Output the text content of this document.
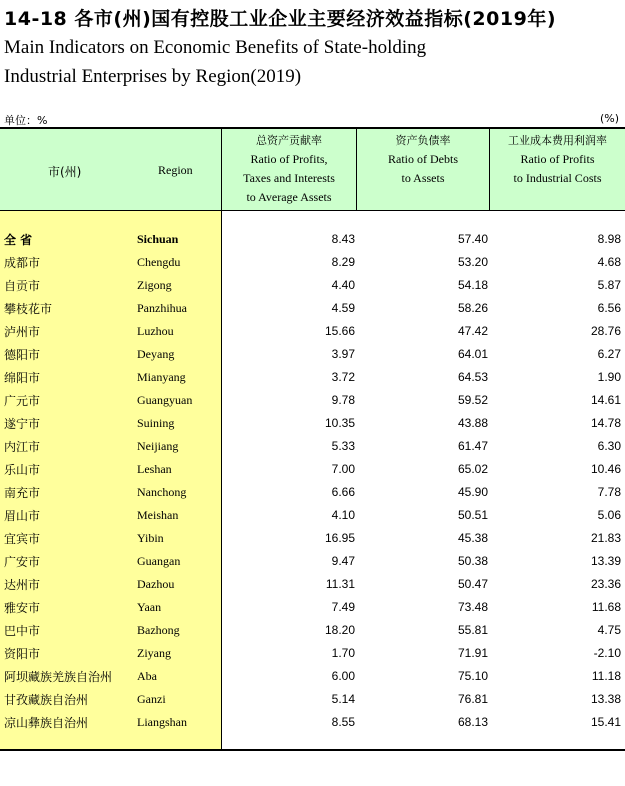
14-18 各市(州)国有控股工业企业主要经济效益指标(2019年)
Main Indicators on Economic Benefits of State-holding
Industrial Enterprises by Region(2019)
单位：%	(%)
市(州)	Region
总资产贡献率
Ratio of Profits,
Taxes and Interests
to Average Assets
资产负债率
Ratio of Debts
to Assets
工业成本费用利润率
Ratio of Profits
to Industrial Costs
全 省	Sichuan	8.43	57.40	8.98
成都市	Chengdu	8.29	53.20	4.68
自贡市	Zigong	4.40	54.18	5.87
攀枝花市	Panzhihua	4.59	58.26	6.56
泸州市	Luzhou	15.66	47.42	28.76
德阳市	Deyang	3.97	64.01	6.27
绵阳市	Mianyang	3.72	64.53	1.90
广元市	Guangyuan	9.78	59.52	14.61
遂宁市	Suining	10.35	43.88	14.78
内江市	Neijiang	5.33	61.47	6.30
乐山市	Leshan	7.00	65.02	10.46
南充市	Nanchong	6.66	45.90	7.78
眉山市	Meishan	4.10	50.51	5.06
宜宾市	Yibin	16.95	45.38	21.83
广安市	Guangan	9.47	50.38	13.39
达州市	Dazhou	11.31	50.47	23.36
雅安市	Yaan	7.49	73.48	11.68
巴中市	Bazhong	18.20	55.81	4.75
资阳市	Ziyang	1.70	71.91	-2.10
阿坝藏族羌族自治州 Aba	6.00	75.10	11.18
甘孜藏族自治州	Ganzi	5.14	76.81	13.38
凉山彝族自治州	Liangshan	8.55	68.13	15.41
